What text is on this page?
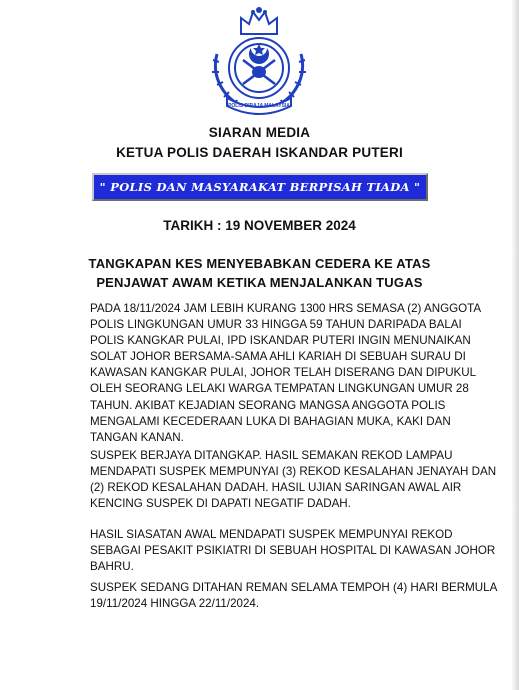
POLIS DIRAJA MALAYSIA
SIARAN MEDIA
KETUA POLIS DAERAH ISKANDAR PUTERI
" POLIS DAN MASYARAKAT BERPISAH TIADA "
TARIKH : 19 NOVEMBER 2024
TANGKAPAN KES MENYEBABKAN CEDERA KE ATAS
PENJAWAT AWAM KETIKA MENJALANKAN TUGAS
PADA 18/11/2024 JAM LEBIH KURANG 1300 HRS SEMASA (2) ANGGOTA
POLIS LINGKUNGAN UMUR 33 HINGGA 59 TAHUN DARIPADA BALAI
POLIS KANGKAR PULAI, IPD ISKANDAR PUTERI INGIN MENUNAIKAN
SOLAT JOHOR BERSAMA-SAMA AHLI KARIAH DI SEBUAH SURAU DI
KAWASAN KANGKAR PULAI, JOHOR TELAH DISERANG DAN DIPUKUL
OLEH SEORANG LELAKI WARGA TEMPATAN LINGKUNGAN UMUR 28
TAHUN. AKIBAT KEJADIAN SEORANG MANGSA ANGGOTA POLIS
MENGALAMI KECEDERAAN LUKA DI BAHAGIAN MUKA, KAKI DAN
TANGAN KANAN.
SUSPEK BERJAYA DITANGKAP. HASIL SEMAKAN REKOD LAMPAU
MENDAPATI SUSPEK MEMPUNYAI (3) REKOD KESALAHAN JENAYAH DAN
(2) REKOD KESALAHAN DADAH. HASIL UJIAN SARINGAN AWAL AIR
KENCING SUSPEK DI DAPATI NEGATIF DADAH.
HASIL SIASATAN AWAL MENDAPATI SUSPEK MEMPUNYAI REKOD
SEBAGAI PESAKIT PSIKIATRI DI SEBUAH HOSPITAL DI KAWASAN JOHOR
BAHRU.
SUSPEK SEDANG DITAHAN REMAN SELAMA TEMPOH (4) HARI BERMULA
19/11/2024 HINGGA 22/11/2024.
